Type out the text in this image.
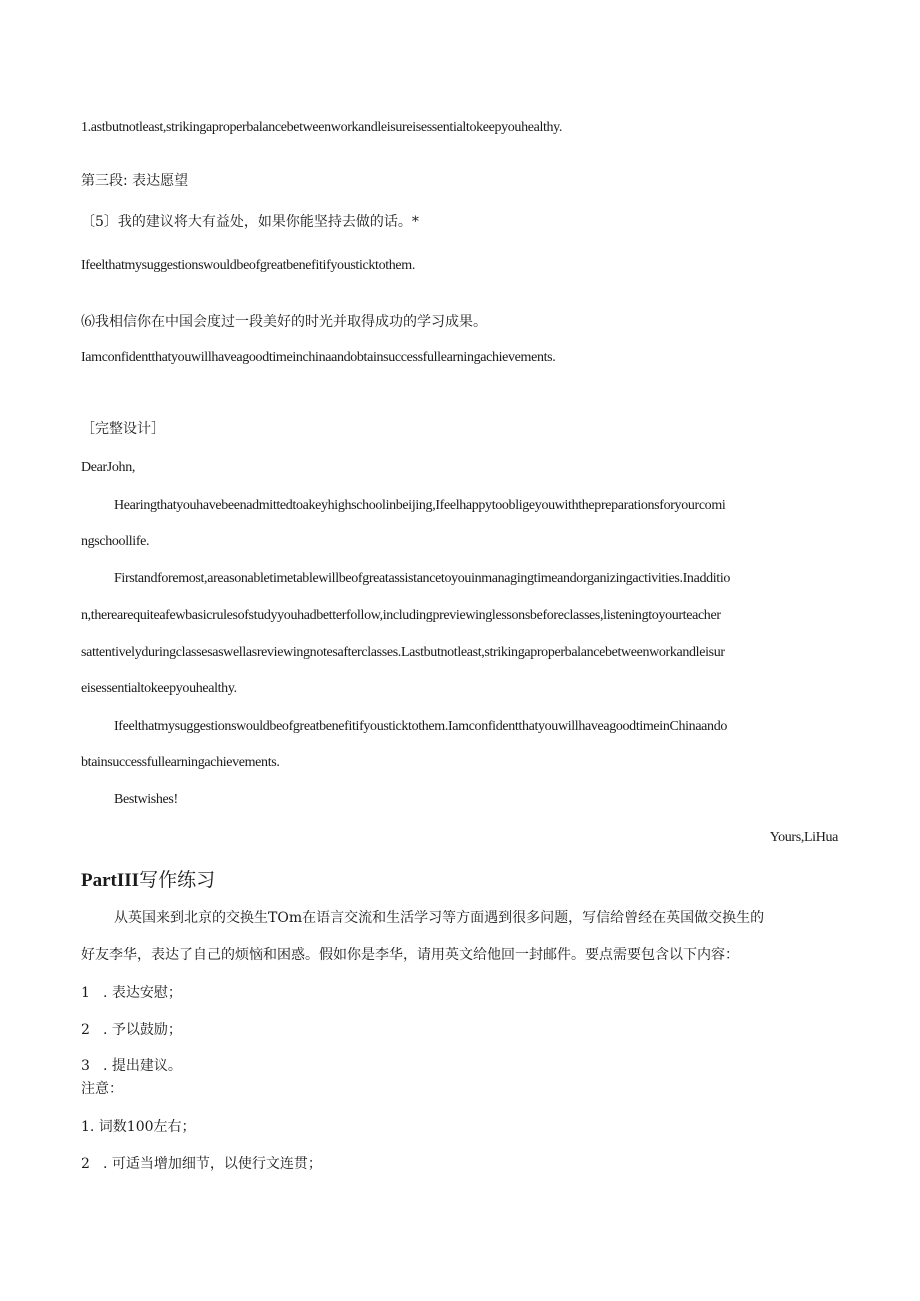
1.astbutnotleast,strikingaproperbalancebetweenworkandleisureisessentialtokeepyouhealthy.
第三段: 表达愿望
〔5〕我的建议将大有益处，如果你能坚持去做的话。*
Ifeelthatmysuggestionswouldbeofgreatbenefitifyousticktothem.
⑹我相信你在中国会度过一段美好的时光并取得成功的学习成果。
Iamconfidentthatyouwillhaveagoodtimeinchinaandobtainsuccessfullearningachievements.
［完整设计］
DearJohn,
Hearingthatyouhavebeenadmittedtoakeyhighschoolinbeijing,Ifeelhappytoobligeyouwiththepreparationsforyourcomi
ngschoollife.
Firstandforemost,areasonabletimetablewillbeofgreatassistancetoyouinmanagingtimeandorganizingactivities.Inadditio
n,therearequiteafewbasicrulesofstudyyouhadbetterfollow,includingpreviewinglessonsbeforeclasses,listeningtoyourteacher
sattentivelyduringclassesaswellasreviewingnotesafterclasses.Lastbutnotleast,strikingaproperbalancebetweenworkandleisur
eisessentialtokeepyouhealthy.
Ifeelthatmysuggestionswouldbeofgreatbenefitifyousticktothem.IamconfidentthatyouwillhaveagoodtimeinChinaando
btainsuccessfullearningachievements.
Bestwishes!
Yours,LiHua
PartIII写作练习
从英国来到北京的交换生TOm在语言交流和生活学习等方面遇到很多问题，写信给曾经在英国做交换生的
好友李华，表达了自己的烦恼和困惑。假如你是李华，请用英文给他回一封邮件。要点需要包含以下内容：
1 . 表达安慰；
2 . 予以鼓励；
3 . 提出建议。
注意：
1. 词数100左右；
2 . 可适当增加细节，以使行文连贯；
